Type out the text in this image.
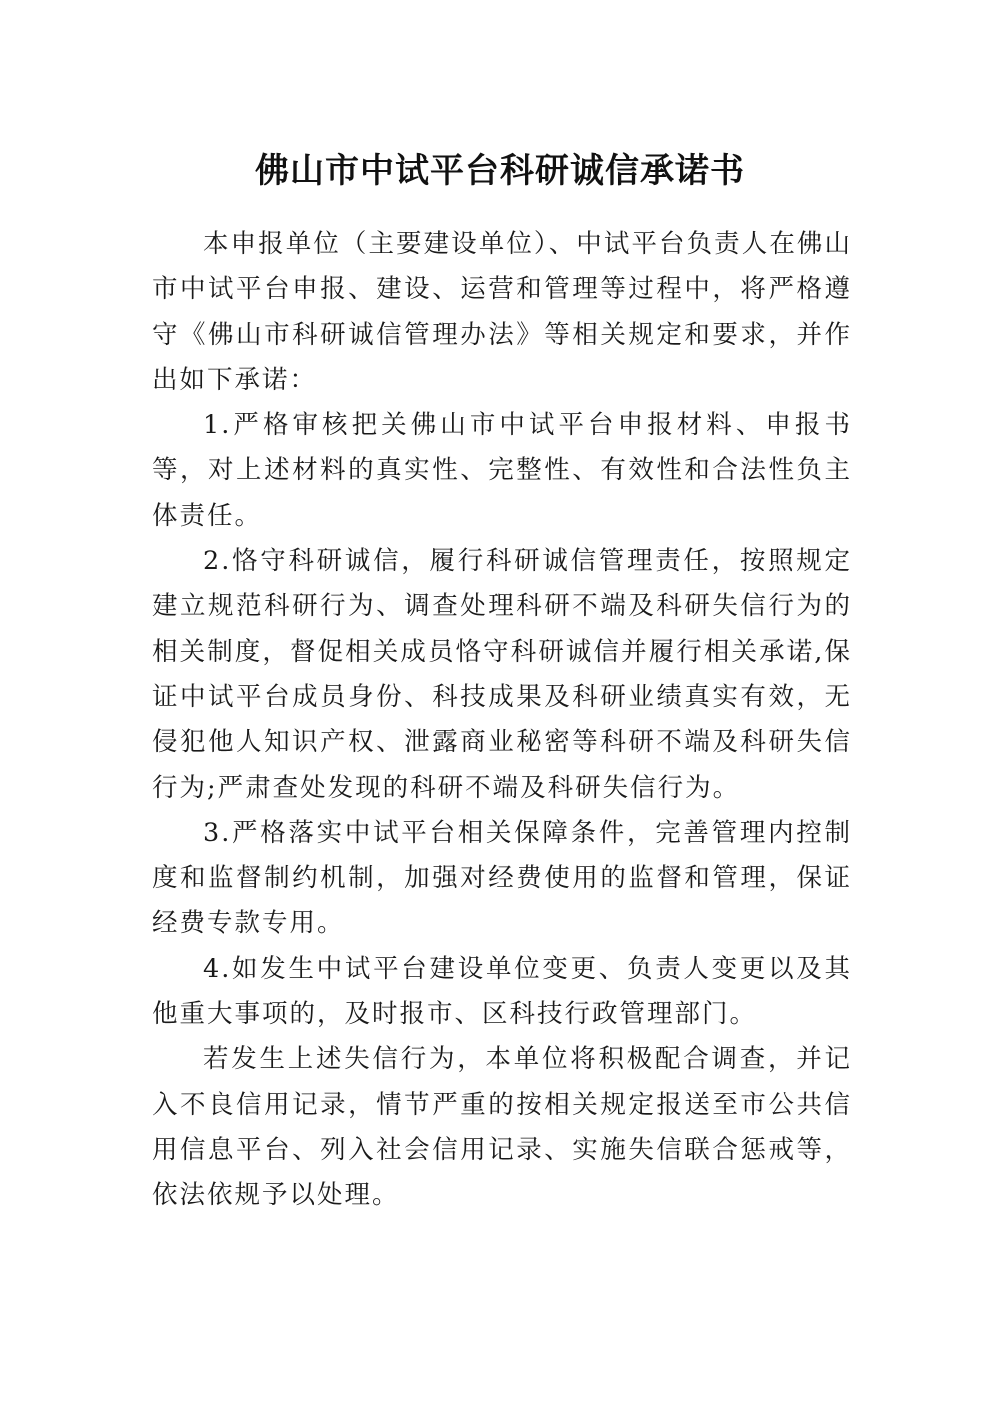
佛山市中试平台科研诚信承诺书

本申报单位（主要建设单位）、中试平台负责人在佛山市中试平台申报、建设、运营和管理等过程中，将严格遵守《佛山市科研诚信管理办法》等相关规定和要求，并作出如下承诺：

1.严格审核把关佛山市中试平台申报材料、申报书等，对上述材料的真实性、完整性、有效性和合法性负主体责任。

2.恪守科研诚信，履行科研诚信管理责任，按照规定建立规范科研行为、调查处理科研不端及科研失信行为的相关制度，督促相关成员恪守科研诚信并履行相关承诺,保证中试平台成员身份、科技成果及科研业绩真实有效，无侵犯他人知识产权、泄露商业秘密等科研不端及科研失信行为;严肃查处发现的科研不端及科研失信行为。

3.严格落实中试平台相关保障条件，完善管理内控制度和监督制约机制，加强对经费使用的监督和管理，保证经费专款专用。

4.如发生中试平台建设单位变更、负责人变更以及其他重大事项的，及时报市、区科技行政管理部门。

若发生上述失信行为，本单位将积极配合调查，并记入不良信用记录，情节严重的按相关规定报送至市公共信用信息平台、列入社会信用记录、实施失信联合惩戒等，依法依规予以处理。
